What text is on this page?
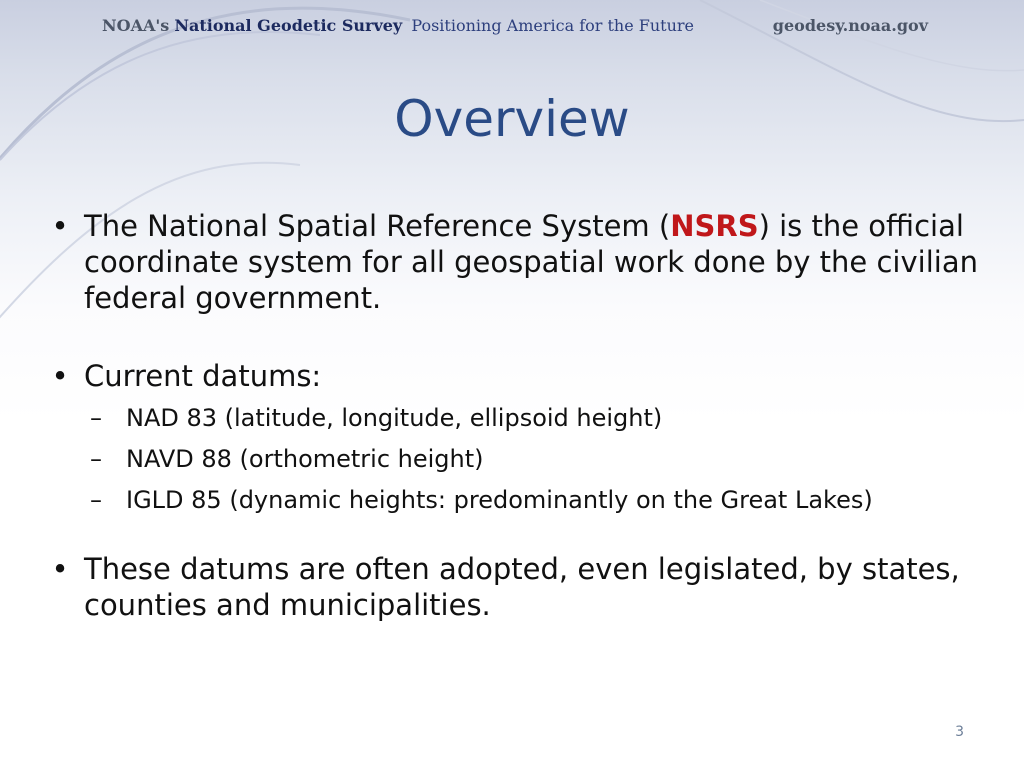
NOAA's National Geodetic Survey Positioning America for the Future	geodesy.noaa.gov
Overview
• The National Spatial Reference System (NSRS) is the official coordinate system for all geospatial work done by the civilian federal government.
• Current datums:
– NAD 83 (latitude, longitude, ellipsoid height)
– NAVD 88 (orthometric height)
– IGLD 85 (dynamic heights: predominantly on the Great Lakes)
• These datums are often adopted, even legislated, by states, counties and municipalities.
3
